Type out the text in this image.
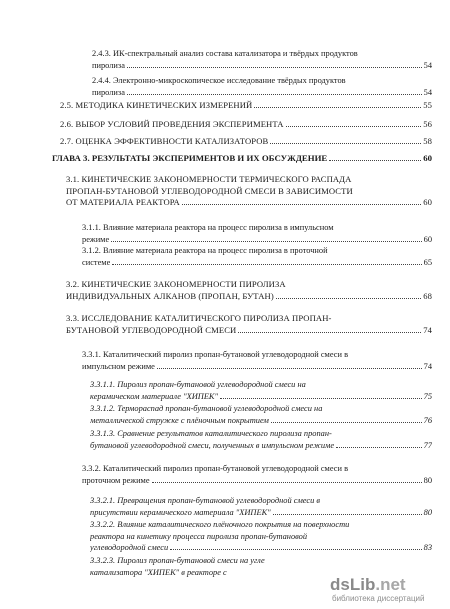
2.4.3. ИК-спектральный анализ состава катализатора и твёрдых продуктов
пиролиза	54
2.4.4. Электронно-микроскопическое исследование твёрдых продуктов
пиролиза	54
2.5. МЕТОДИКА КИНЕТИЧЕСКИХ ИЗМЕРЕНИЙ	55
2.6. ВЫБОР УСЛОВИЙ ПРОВЕДЕНИЯ ЭКСПЕРИМЕНТА	56
2.7. ОЦЕНКА ЭФФЕКТИВНОСТИ КАТАЛИЗАТОРОВ	58
ГЛАВА 3. РЕЗУЛЬТАТЫ ЭКСПЕРИМЕНТОВ И ИХ ОБСУЖДЕНИЕ	60
3.1. КИНЕТИЧЕСКИЕ ЗАКОНОМЕРНОСТИ ТЕРМИЧЕСКОГО РАСПАДА
ПРОПАН-БУТАНОВОЙ УГЛЕВОДОРОДНОЙ СМЕСИ В ЗАВИСИМОСТИ
ОТ МАТЕРИАЛА РЕАКТОРА	60
3.1.1. Влияние материала реактора на процесс пиролиза в импульсном
режиме	60
3.1.2. Влияние материала реактора на процесс пиролиза в проточной
системе	65
3.2. КИНЕТИЧЕСКИЕ ЗАКОНОМЕРНОСТИ ПИРОЛИЗА
ИНДИВИДУАЛЬНЫХ АЛКАНОВ (ПРОПАН, БУТАН)	68
3.3. ИССЛЕДОВАНИЕ КАТАЛИТИЧЕСКОГО ПИРОЛИЗА ПРОПАН-
БУТАНОВОЙ УГЛЕВОДОРОДНОЙ СМЕСИ	74
3.3.1. Каталитический пиролиз пропан-бутановой углеводородной смеси в
импульсном режиме	74
3.3.1.1. Пиролиз пропан-бутановой углеводородной смеси на
керамическом материале "ХИПЕК"	75
3.3.1.2. Термораспад пропан-бутановой углеводородной смеси на
металлической стружке с плёночным покрытием	76
3.3.1.3. Сравнение результатов каталитического пиролиза пропан-
бутановой углеводородной смеси, полученных в импульсном режиме	77
3.3.2. Каталитический пиролиз пропан-бутановой углеводородной смеси в
проточном режиме	80
3.3.2.1. Превращения пропан-бутановой углеводородной смеси в
присутствии керамического материала "ХИПЕК"	80
3.3.2.2. Влияние каталитического плёночного покрытия на поверхности
реактора на кинетику процесса пиролиза пропан-бутановой
углеводородной смеси	83
3.3.2.3. Пиролиз пропан-бутановой смеси на угле
катализатора "ХИПЕК" в реакторе с
dsLib.net
библиотека диссертаций
